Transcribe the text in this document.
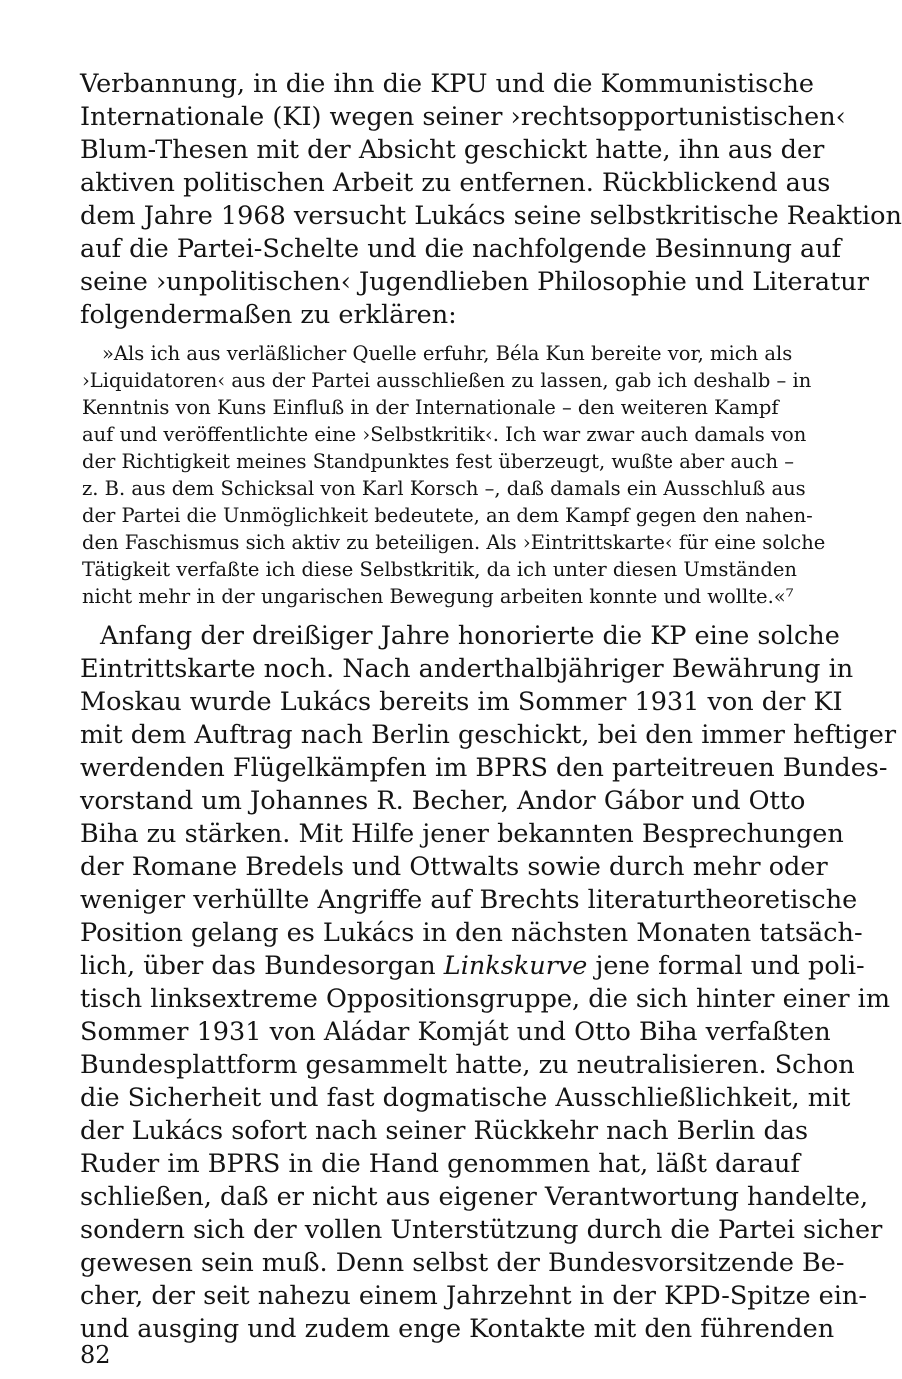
Verbannung, in die ihn die KPU und die Kommunistische
Internationale (KI) wegen seiner ›rechtsopportunistischen‹
Blum-Thesen mit der Absicht geschickt hatte, ihn aus der
aktiven politischen Arbeit zu entfernen. Rückblickend aus
dem Jahre 1968 versucht Lukács seine selbstkritische Reaktion
auf die Partei-Schelte und die nachfolgende Besinnung auf
seine ›unpolitischen‹ Jugendlieben Philosophie und Literatur
folgendermaßen zu erklären:
»Als ich aus verläßlicher Quelle erfuhr, Béla Kun bereite vor, mich als
›Liquidatoren‹ aus der Partei ausschließen zu lassen, gab ich deshalb – in
Kenntnis von Kuns Einfluß in der Internationale – den weiteren Kampf
auf und veröffentlichte eine ›Selbstkritik‹. Ich war zwar auch damals von
der Richtigkeit meines Standpunktes fest überzeugt, wußte aber auch –
z. B. aus dem Schicksal von Karl Korsch –, daß damals ein Ausschluß aus
der Partei die Unmöglichkeit bedeutete, an dem Kampf gegen den nahen-
den Faschismus sich aktiv zu beteiligen. Als ›Eintrittskarte‹ für eine solche
Tätigkeit verfaßte ich diese Selbstkritik, da ich unter diesen Umständen
nicht mehr in der ungarischen Bewegung arbeiten konnte und wollte.«⁷
Anfang der dreißiger Jahre honorierte die KP eine solche
Eintrittskarte noch. Nach anderthalbjähriger Bewährung in
Moskau wurde Lukács bereits im Sommer 1931 von der KI
mit dem Auftrag nach Berlin geschickt, bei den immer heftiger
werdenden Flügelkämpfen im BPRS den parteitreuen Bundes-
vorstand um Johannes R. Becher, Andor Gábor und Otto
Biha zu stärken. Mit Hilfe jener bekannten Besprechungen
der Romane Bredels und Ottwalts sowie durch mehr oder
weniger verhüllte Angriffe auf Brechts literaturtheoretische
Position gelang es Lukács in den nächsten Monaten tatsäch-
lich, über das Bundesorgan Linkskurve jene formal und poli-
tisch linksextreme Oppositionsgruppe, die sich hinter einer im
Sommer 1931 von Aládar Komját und Otto Biha verfaßten
Bundesplattform gesammelt hatte, zu neutralisieren. Schon
die Sicherheit und fast dogmatische Ausschließlichkeit, mit
der Lukács sofort nach seiner Rückkehr nach Berlin das
Ruder im BPRS in die Hand genommen hat, läßt darauf
schließen, daß er nicht aus eigener Verantwortung handelte,
sondern sich der vollen Unterstützung durch die Partei sicher
gewesen sein muß. Denn selbst der Bundesvorsitzende Be-
cher, der seit nahezu einem Jahrzehnt in der KPD-Spitze ein-
und ausging und zudem enge Kontakte mit den führenden
82
